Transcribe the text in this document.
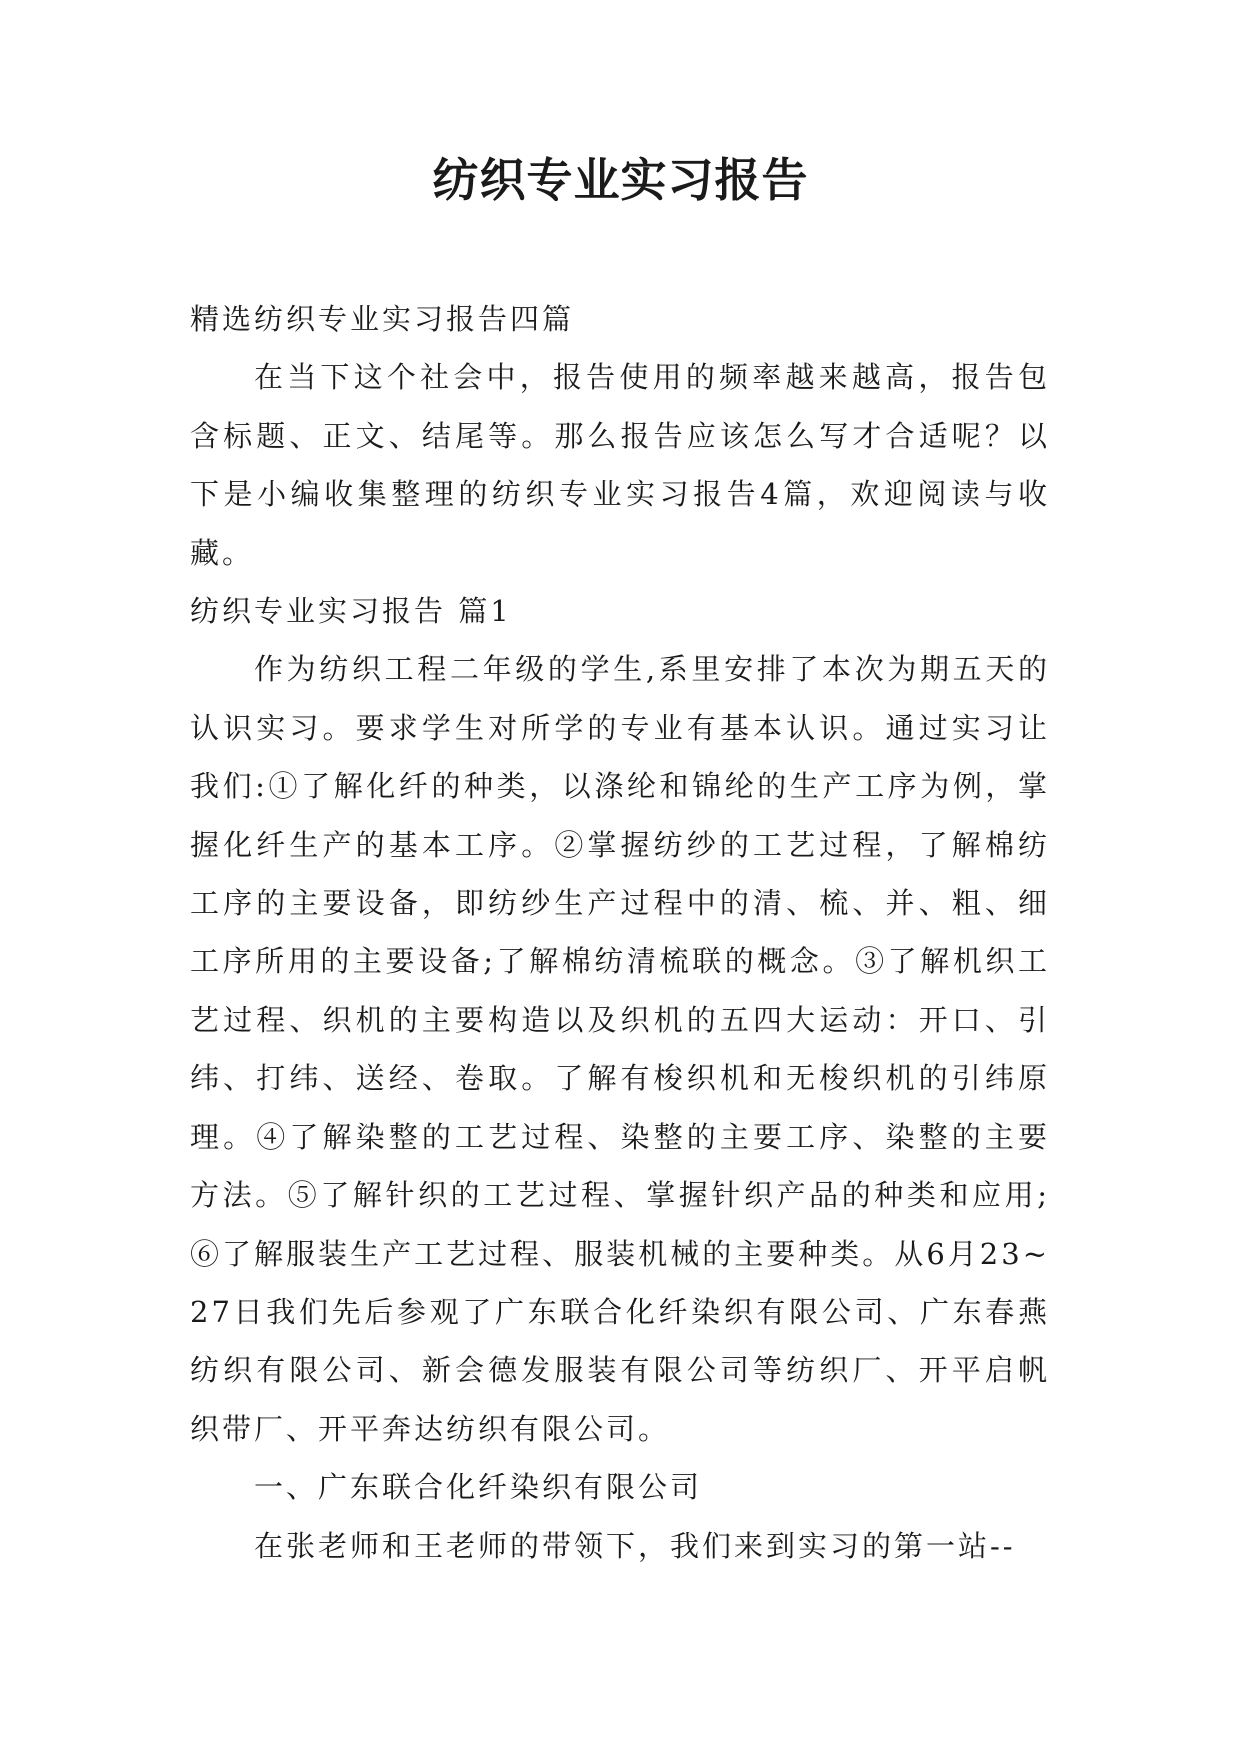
纺织专业实习报告

精选纺织专业实习报告四篇

在当下这个社会中，报告使用的频率越来越高，报告包含标题、正文、结尾等。那么报告应该怎么写才合适呢？以下是小编收集整理的纺织专业实习报告4篇，欢迎阅读与收藏。

纺织专业实习报告 篇1

作为纺织工程二年级的学生,系里安排了本次为期五天的认识实习。要求学生对所学的专业有基本认识。通过实习让我们:①了解化纤的种类，以涤纶和锦纶的生产工序为例，掌握化纤生产的基本工序。②掌握纺纱的工艺过程，了解棉纺工序的主要设备，即纺纱生产过程中的清、梳、并、粗、细工序所用的主要设备;了解棉纺清梳联的概念。③了解机织工艺过程、织机的主要构造以及织机的五四大运动：开口、引纬、打纬、送经、卷取。了解有梭织机和无梭织机的引纬原理。④了解染整的工艺过程、染整的主要工序、染整的主要方法。⑤了解针织的工艺过程、掌握针织产品的种类和应用;⑥了解服装生产工艺过程、服装机械的主要种类。从6月23~27日我们先后参观了广东联合化纤染织有限公司、广东春燕纺织有限公司、新会德发服装有限公司等纺织厂、开平启帆织带厂、开平奔达纺织有限公司。

一、广东联合化纤染织有限公司

在张老师和王老师的带领下，我们来到实习的第一站--
